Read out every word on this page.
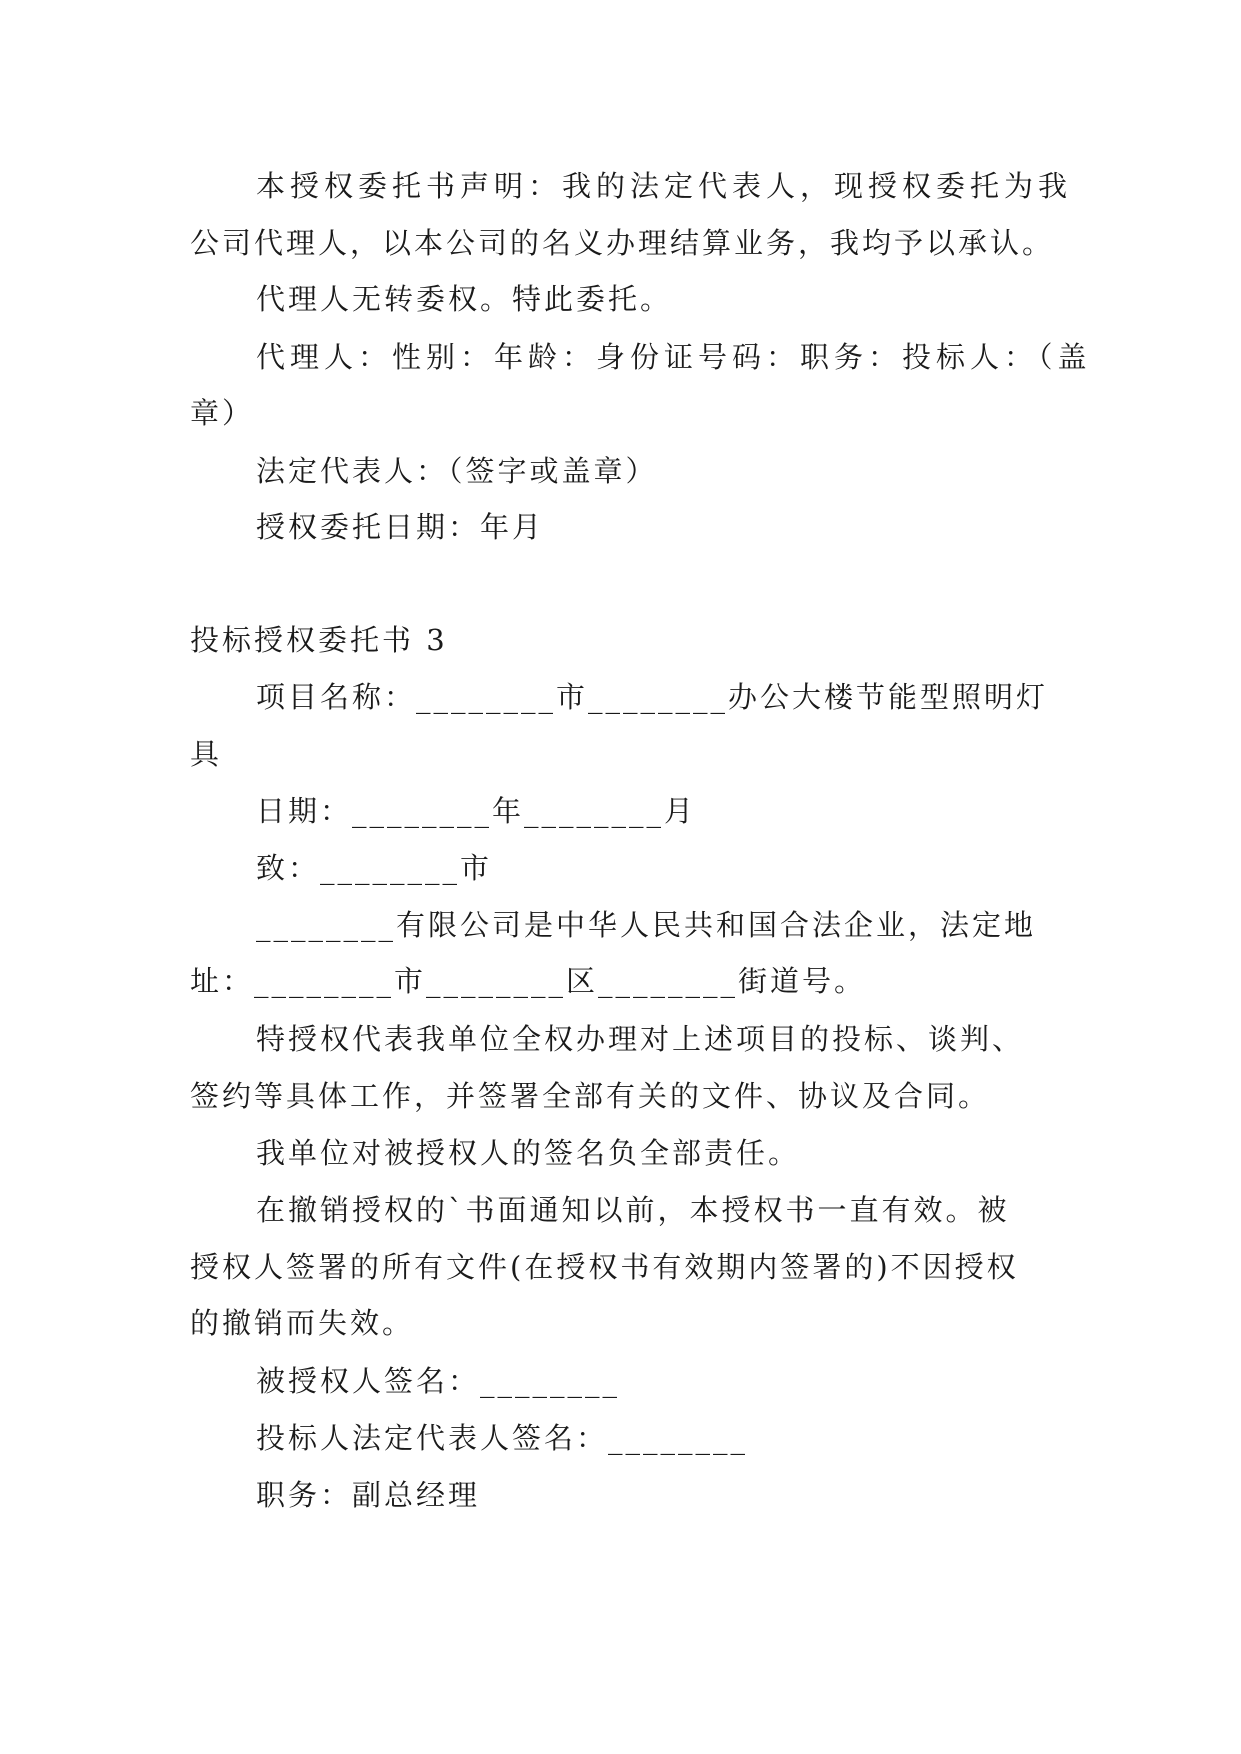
本授权委托书声明：我的法定代表人，现授权委托为我
公司代理人，以本公司的名义办理结算业务，我均予以承认。
代理人无转委权。特此委托。
代理人：性别：年龄：身份证号码：职务：投标人：（盖
章）
法定代表人：（签字或盖章）
授权委托日期：年月
投标授权委托书 3
项目名称：________市________办公大楼节能型照明灯
具
日期：________年________月
致：________市
________有限公司是中华人民共和国合法企业，法定地
址：________市________区________街道号。
特授权代表我单位全权办理对上述项目的投标、谈判、
签约等具体工作，并签署全部有关的文件、协议及合同。
我单位对被授权人的签名负全部责任。
在撤销授权的`书面通知以前，本授权书一直有效。被
授权人签署的所有文件(在授权书有效期内签署的)不因授权
的撤销而失效。
被授权人签名：________
投标人法定代表人签名：________
职务：副总经理
